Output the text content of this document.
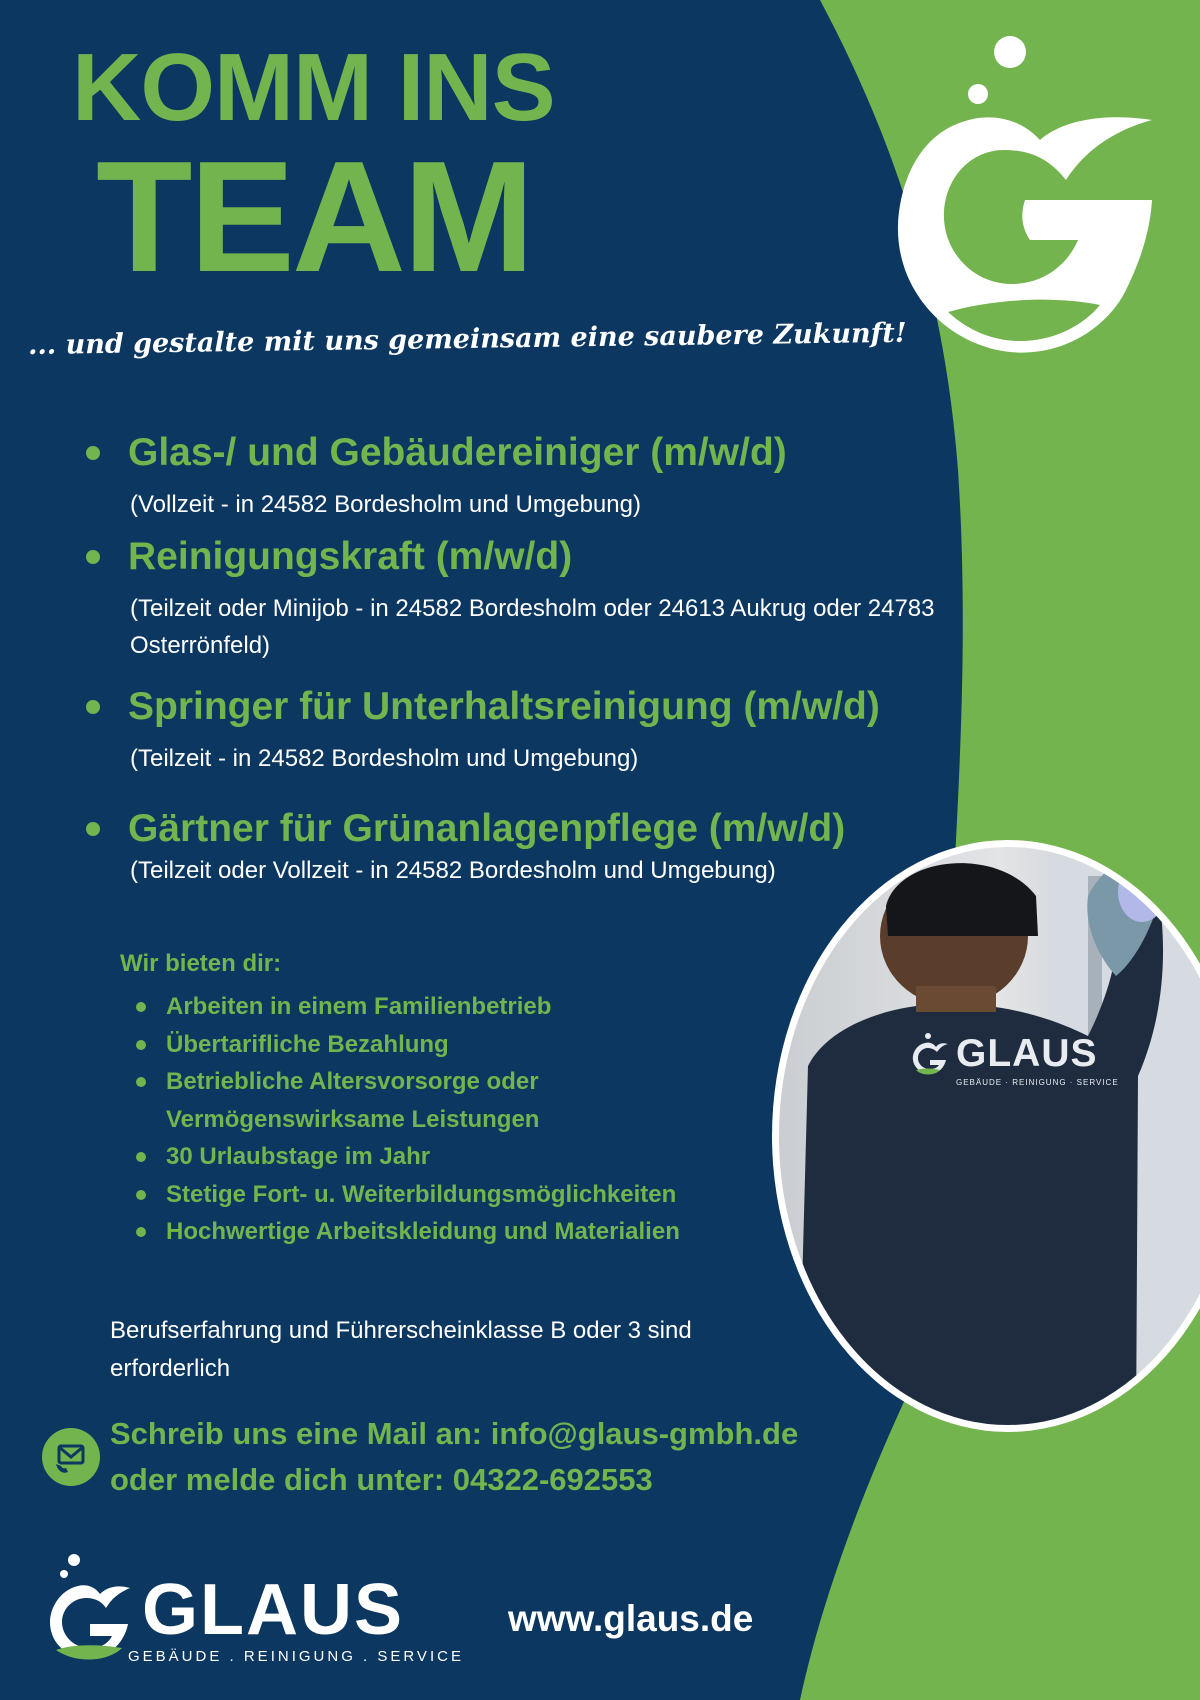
KOMM INS
TEAM
... und gestalte mit uns gemeinsam eine saubere Zukunft!
Glas-/ und Gebäudereiniger (m/w/d)
(Vollzeit - in 24582 Bordesholm und Umgebung)
Reinigungskraft (m/w/d)
(Teilzeit oder Minijob - in 24582 Bordesholm oder 24613 Aukrug oder 24783 Osterrönfeld)
Springer für Unterhaltsreinigung (m/w/d)
(Teilzeit - in 24582 Bordesholm und Umgebung)
Gärtner für Grünanlagenpflege (m/w/d)
(Teilzeit oder Vollzeit - in 24582 Bordesholm und Umgebung)
Wir bieten dir:
Arbeiten in einem Familienbetrieb
Übertarifliche Bezahlung
Betriebliche Altersvorsorge oder Vermögenswirksame Leistungen
30 Urlaubstage im Jahr
Stetige Fort- u. Weiterbildungsmöglichkeiten
Hochwertige Arbeitskleidung und Materialien
Berufserfahrung und Führerscheinklasse B oder 3 sind erforderlich
Schreib uns eine Mail an: info@glaus-gmbh.de
oder melde dich unter: 04322-692553
GLAUS
GEBÄUDE · REINIGUNG · SERVICE
GLAUS
GEBÄUDE . REINIGUNG . SERVICE
www.glaus.de
